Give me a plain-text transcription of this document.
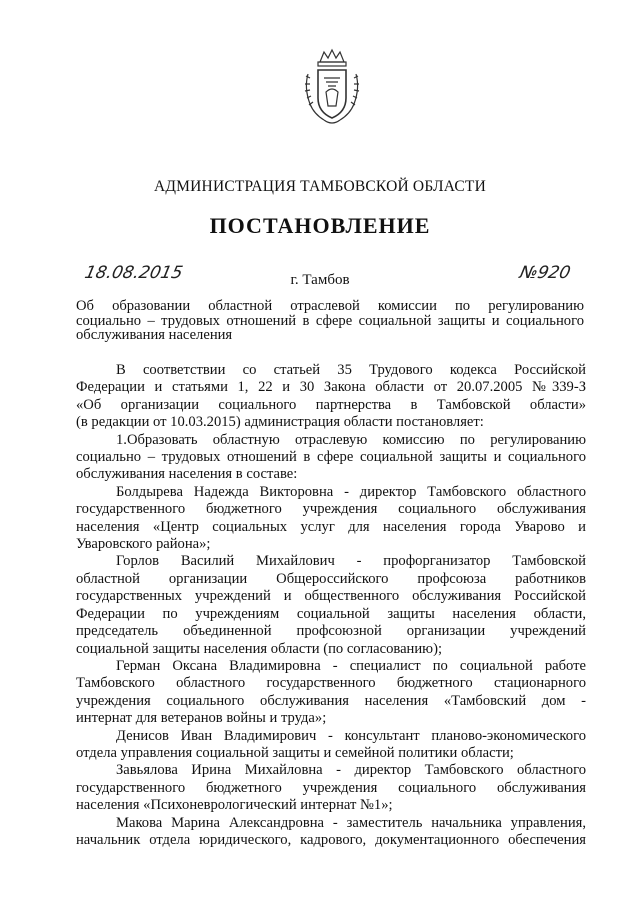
АДМИНИСТРАЦИЯ ТАМБОВСКОЙ ОБЛАСТИ
ПОСТАНОВЛЕНИЕ
18.08.2015	г. Тамбов	№920
Об образовании областной отраслевой комиссии по регулированию
социально – трудовых отношений в сфере социальной защиты и социального
обслуживания населения
В соответствии со статьей 35 Трудового кодекса Российской
Федерации и статьями 1, 22 и 30 Закона области от 20.07.2005 №339-З
«Об организации социального партнерства в Тамбовской области»
(в редакции от 10.03.2015) администрация области постановляет:
1.Образовать областную отраслевую комиссию по регулированию
социально – трудовых отношений в сфере социальной защиты и социального
обслуживания населения в составе:
Болдырева Надежда Викторовна - директор Тамбовского областного
государственного бюджетного учреждения социального обслуживания
населения «Центр социальных услуг для населения города Уварово и
Уваровского района»;
Горлов Василий Михайлович - профорганизатор Тамбовской
областной организации Общероссийского профсоюза работников
государственных учреждений и общественного обслуживания Российской
Федерации по учреждениям социальной защиты населения области,
председатель объединенной профсоюзной организации учреждений
социальной защиты населения области (по согласованию);
Герман Оксана Владимировна - специалист по социальной работе
Тамбовского областного государственного бюджетного стационарного
учреждения социального обслуживания населения «Тамбовский дом -
интернат для ветеранов войны и труда»;
Денисов Иван Владимирович - консультант планово-экономического
отдела управления социальной защиты и семейной политики области;
Завьялова Ирина Михайловна - директор Тамбовского областного
государственного бюджетного учреждения социального обслуживания
населения «Психоневрологический интернат №1»;
Макова Марина Александровна - заместитель начальника управления,
начальник отдела юридического, кадрового, документационного обеспечения
